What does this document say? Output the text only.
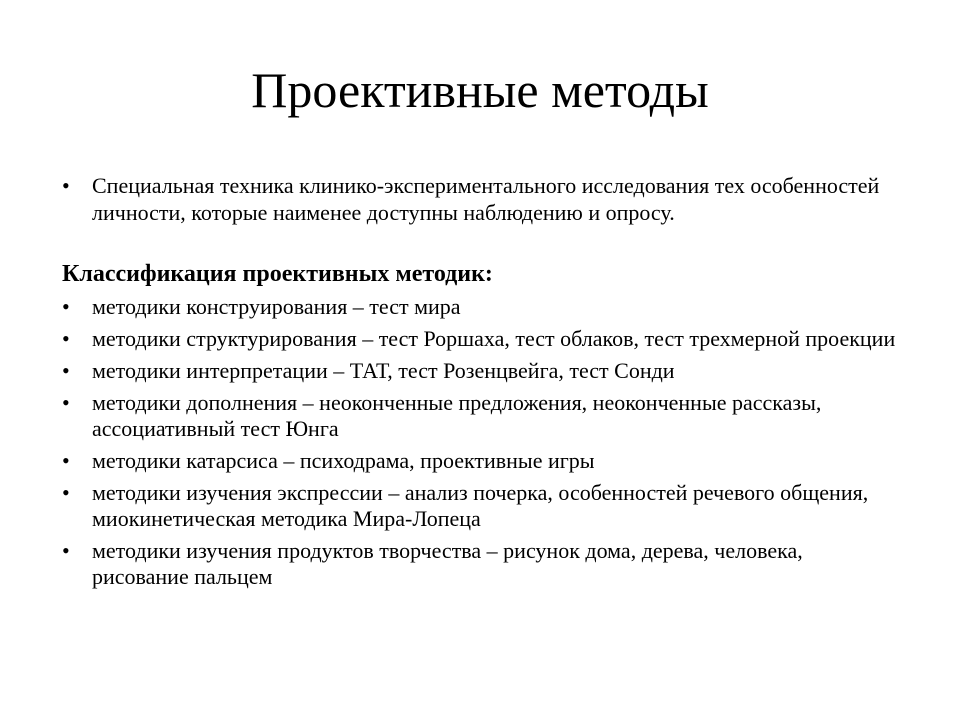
Проективные методы
•	Специальная техника клинико-экспериментального исследования тех особенностей личности, которые наименее доступны наблюдению и опросу.

Классификация проективных методик:

•	методики конструирования – тест мира
•	методики структурирования – тест Роршаха, тест облаков, тест трехмерной проекции
•	методики интерпретации – ТАТ, тест Розенцвейга, тест Сонди
•	методики дополнения – неоконченные предложения, неоконченные рассказы, ассоциативный тест Юнга
•	методики катарсиса – психодрама, проективные игры
•	методики изучения экспрессии – анализ почерка, особенностей речевого общения, миокинетическая методика Мира-Лопеца
•	методики изучения продуктов творчества – рисунок дома, дерева, человека, рисование пальцем
